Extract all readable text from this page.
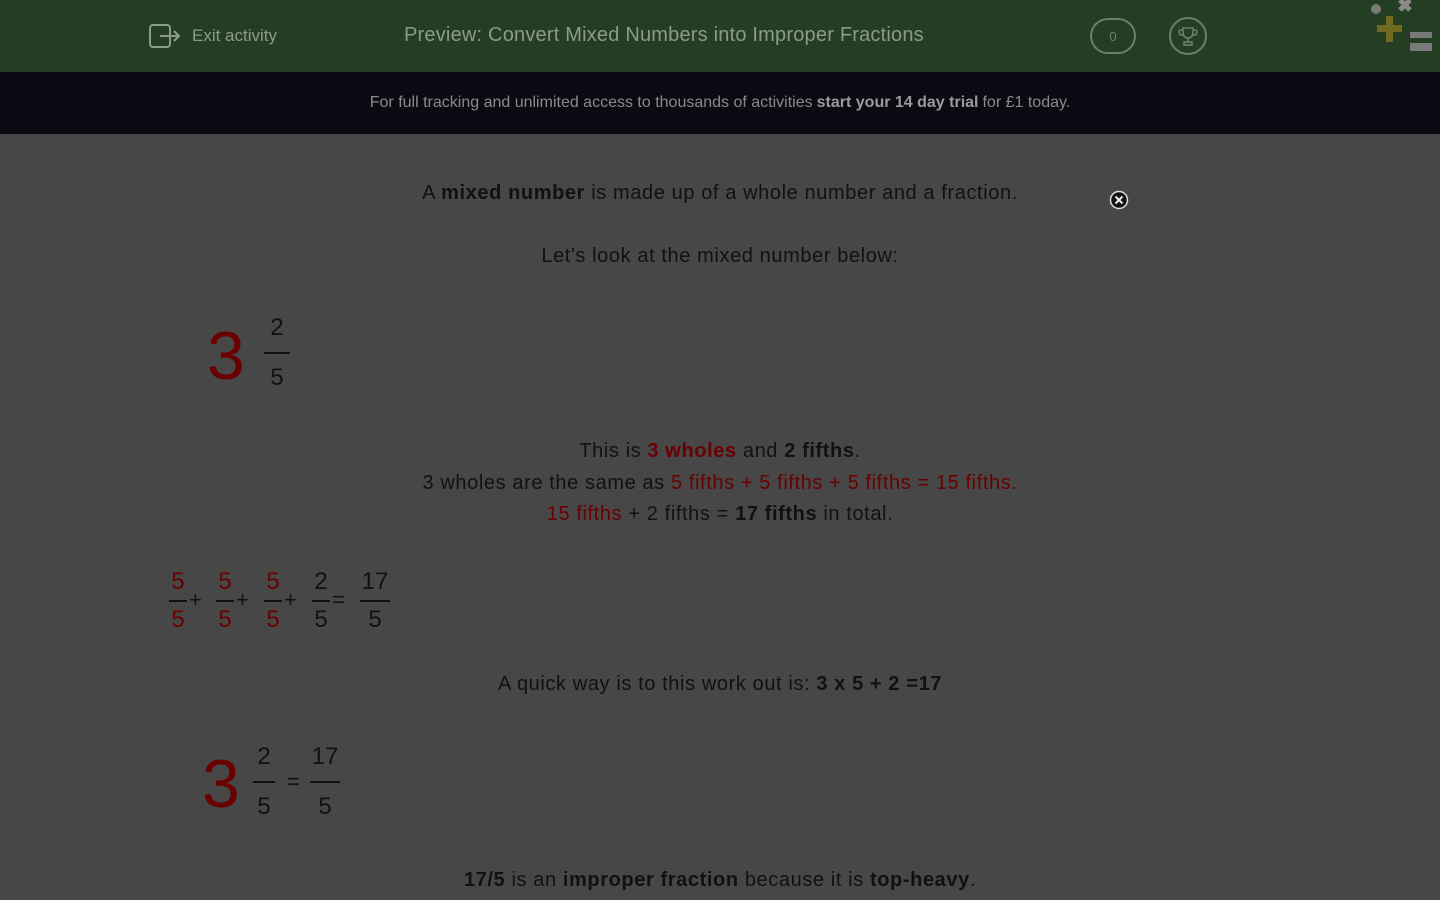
Exit activity	Preview: Convert Mixed Numbers into Improper Fractions	0
For full tracking and unlimited access to thousands of activities start your 14 day trial for £1 today.
A mixed number is made up of a whole number and a fraction.
Let's look at the mixed number below:
3 2
5
This is 3 wholes and 2 fifths.
3 wholes are the same as 5 fifths + 5 fifths + 5 fifths = 15 fifths.
15 fifths + 2 fifths = 17 fifths in total.
5
5
+
5
5
+
5
5
+
2
5
=
17
5
A quick way is to this work out is: 3 x 5 + 2 =17
3 2
5
=
17
5
17/5 is an improper fraction because it is top-heavy.
